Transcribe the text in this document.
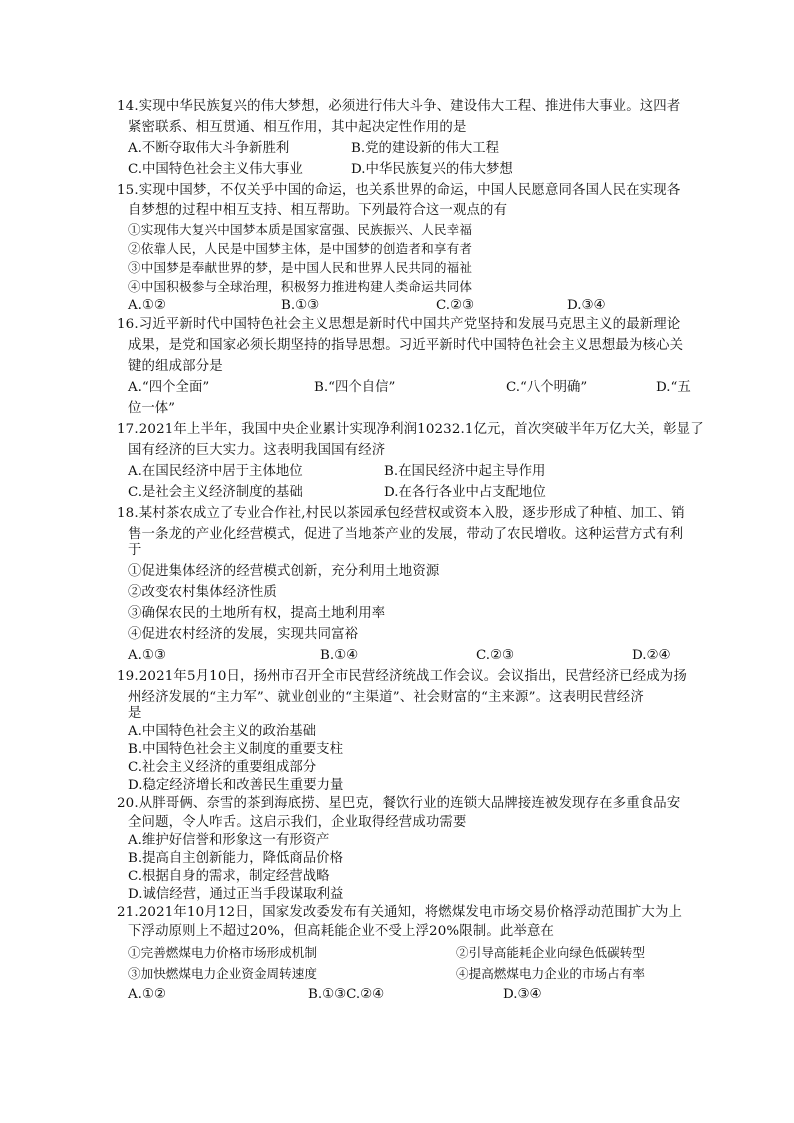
14.实现中华民族复兴的伟大梦想，必须进行伟大斗争、建设伟大工程、推进伟大事业。这四者
紧密联系、相互贯通、相互作用，其中起决定性作用的是
A.不断夺取伟大斗争新胜利	B.党的建设新的伟大工程
C.中国特色社会主义伟大事业	D.中华民族复兴的伟大梦想
15.实现中国梦，不仅关乎中国的命运，也关系世界的命运，中国人民愿意同各国人民在实现各
自梦想的过程中相互支持、相互帮助。下列最符合这一观点的有
①实现伟大复兴中国梦本质是国家富强、民族振兴、人民幸福
②依靠人民，人民是中国梦主体，是中国梦的创造者和享有者
③中国梦是奉献世界的梦，是中国人民和世界人民共同的福祉
④中国积极参与全球治理，积极努力推进构建人类命运共同体
A.①②	B.①③	C.②③	D.③④
16.习近平新时代中国特色社会主义思想是新时代中国共产党坚持和发展马克思主义的最新理论
成果，是党和国家必须长期坚持的指导思想。习近平新时代中国特色社会主义思想最为核心关
键的组成部分是
A.“四个全面”	B.“四个自信”	C.“八个明确”	D.“五
位一体”
17.2021年上半年，我国中央企业累计实现净利润10232.1亿元，首次突破半年万亿大关，彰显了
国有经济的巨大实力。这表明我国国有经济
A.在国民经济中居于主体地位	B.在国民经济中起主导作用
C.是社会主义经济制度的基础	D.在各行各业中占支配地位
18.某村茶农成立了专业合作社,村民以茶园承包经营权或资本入股，逐步形成了种植、加工、销
售一条龙的产业化经营模式，促进了当地茶产业的发展，带动了农民增收。这种运营方式有利
于
①促进集体经济的经营模式创新，充分利用土地资源
②改变农村集体经济性质
③确保农民的土地所有权，提高土地利用率
④促进农村经济的发展，实现共同富裕
A.①③	B.①④	C.②③	D.②④
19.2021年5月10日，扬州市召开全市民营经济统战工作会议。会议指出，民营经济已经成为扬
州经济发展的“主力军”、就业创业的“主渠道”、社会财富的“主来源”。这表明民营经济
是
A.中国特色社会主义的政治基础
B.中国特色社会主义制度的重要支柱
C.社会主义经济的重要组成部分
D.稳定经济增长和改善民生重要力量
20.从胖哥俩、奈雪的茶到海底捞、星巴克，餐饮行业的连锁大品牌接连被发现存在多重食品安
全问题，令人咋舌。这启示我们，企业取得经营成功需要
A.维护好信誉和形象这一有形资产
B.提高自主创新能力，降低商品价格
C.根据自身的需求，制定经营战略
D.诚信经营，通过正当手段谋取利益
21.2021年10月12日，国家发改委发布有关通知，将燃煤发电市场交易价格浮动范围扩大为上
下浮动原则上不超过20%，但高耗能企业不受上浮20%限制。此举意在
①完善燃煤电力价格市场形成机制	②引导高能耗企业向绿色低碳转型
③加快燃煤电力企业资金周转速度	④提高燃煤电力企业的市场占有率
A.①②	B.①③C.②④	D.③④
